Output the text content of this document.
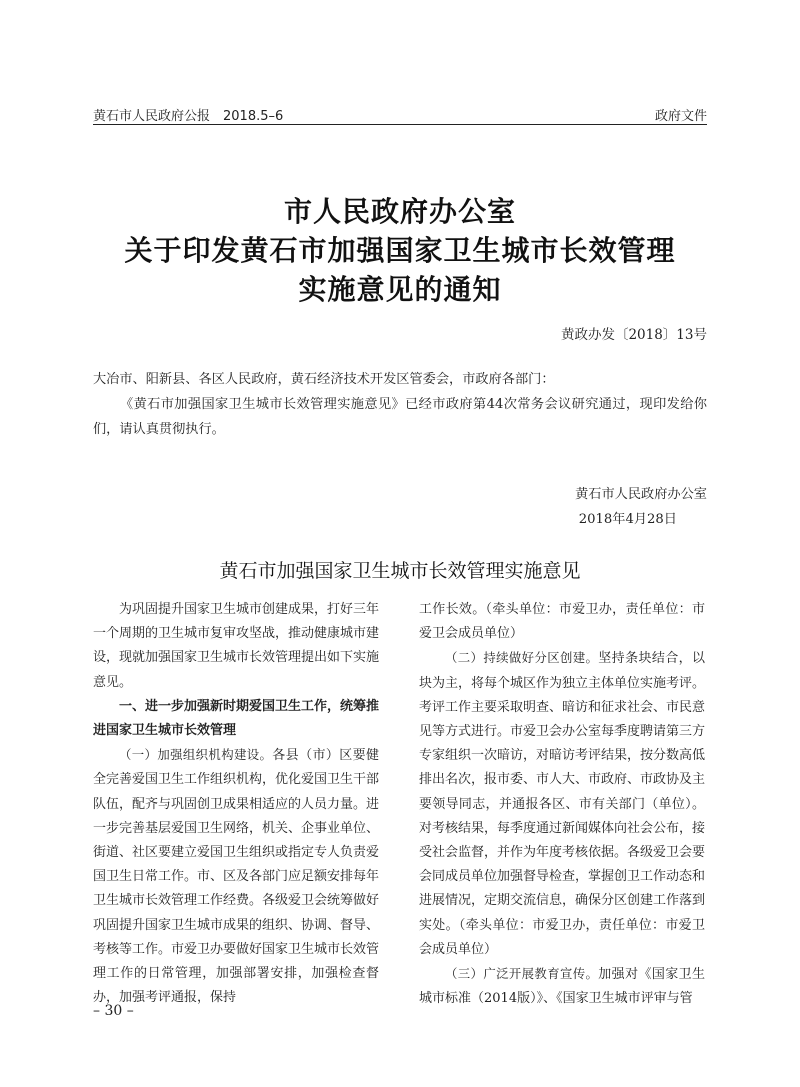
黄石市人民政府公报　2018.5–6	政府文件
市人民政府办公室
关于印发黄石市加强国家卫生城市长效管理
实施意见的通知
黄政办发〔2018〕13号
大冶市、阳新县、各区人民政府，黄石经济技术开发区管委会，市政府各部门：
《黄石市加强国家卫生城市长效管理实施意见》已经市政府第44次常务会议研究通过，现印发给你们，请认真贯彻执行。
黄石市人民政府办公室
2018年4月28日
黄石市加强国家卫生城市长效管理实施意见

为巩固提升国家卫生城市创建成果，打好三年一个周期的卫生城市复审攻坚战，推动健康城市建设，现就加强国家卫生城市长效管理提出如下实施意见。

一、进一步加强新时期爱国卫生工作，统筹推进国家卫生城市长效管理

（一）加强组织机构建设。各县（市）区要健全完善爱国卫生工作组织机构，优化爱国卫生干部队伍，配齐与巩固创卫成果相适应的人员力量。进一步完善基层爱国卫生网络，机关、企事业单位、街道、社区要建立爱国卫生组织或指定专人负责爱国卫生日常工作。市、区及各部门应足额安排每年卫生城市长效管理工作经费。各级爱卫会统筹做好巩固提升国家卫生城市成果的组织、协调、督导、考核等工作。市爱卫办要做好国家卫生城市长效管理工作的日常管理，加强部署安排，加强检查督办，加强考评通报，保持

工作长效。（牵头单位：市爱卫办，责任单位：市爱卫会成员单位）

（二）持续做好分区创建。坚持条块结合，以块为主，将每个城区作为独立主体单位实施考评。考评工作主要采取明查、暗访和征求社会、市民意见等方式进行。市爱卫会办公室每季度聘请第三方专家组织一次暗访，对暗访考评结果，按分数高低排出名次，报市委、市人大、市政府、市政协及主要领导同志，并通报各区、市有关部门（单位）。对考核结果，每季度通过新闻媒体向社会公布，接受社会监督，并作为年度考核依据。各级爱卫会要会同成员单位加强督导检查，掌握创卫工作动态和进展情况，定期交流信息，确保分区创建工作落到实处。（牵头单位：市爱卫办，责任单位：市爱卫会成员单位）

（三）广泛开展教育宣传。加强对《国家卫生城市标准（2014版）》、《国家卫生城市评审与管

– 30 –
